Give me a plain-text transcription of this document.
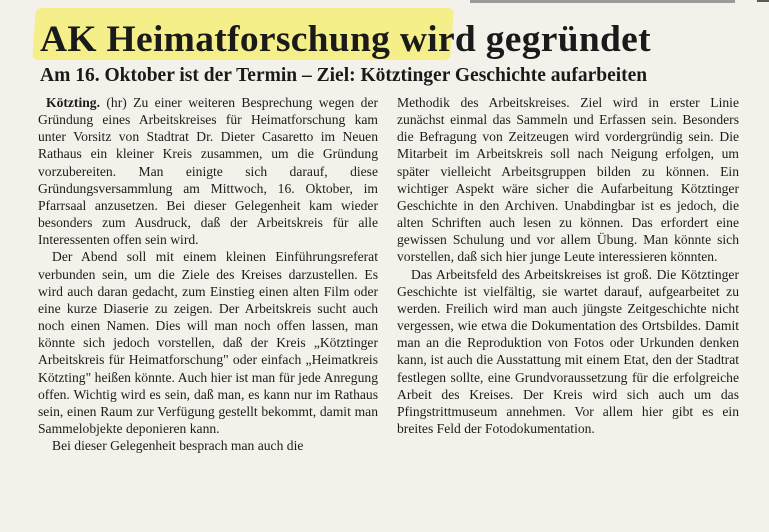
AK Heimatforschung wird gegründet
Am 16. Oktober ist der Termin – Ziel: Kötztinger Geschichte aufarbeiten

Kötzting. (hr) Zu einer weiteren Besprechung wegen der Gründung eines Arbeitskreises für Heimatforschung kam unter Vorsitz von Stadtrat Dr. Dieter Casaretto im Neuen Rathaus ein kleiner Kreis zusammen, um die Gründung vorzubereiten. Man einigte sich darauf, diese Gründungsversammlung am Mittwoch, 16. Oktober, im Pfarrsaal anzusetzen. Bei dieser Gelegenheit kam wieder besonders zum Ausdruck, daß der Arbeitskreis für alle Interessenten offen sein wird.

Der Abend soll mit einem kleinen Einführungsreferat verbunden sein, um die Ziele des Kreises darzustellen. Es wird auch daran gedacht, zum Einstieg einen alten Film oder eine kurze Diaserie zu zeigen. Der Arbeitskreis sucht auch noch einen Namen. Dies will man noch offen lassen, man könnte sich jedoch vorstellen, daß der Kreis „Kötztinger Arbeitskreis für Heimatforschung" oder einfach „Heimatkreis Kötzting" heißen könnte. Auch hier ist man für jede Anregung offen. Wichtig wird es sein, daß man, es kann nur im Rathaus sein, einen Raum zur Verfügung gestellt bekommt, damit man Sammelobjekte deponieren kann.

Bei dieser Gelegenheit besprach man auch die

Methodik des Arbeitskreises. Ziel wird in erster Linie zunächst einmal das Sammeln und Erfassen sein. Besonders die Befragung von Zeitzeugen wird vordergründig sein. Die Mitarbeit im Arbeitskreis soll nach Neigung erfolgen, um später vielleicht Arbeitsgruppen bilden zu können. Ein wichtiger Aspekt wäre sicher die Aufarbeitung Kötztinger Geschichte in den Archiven. Unabdingbar ist es jedoch, die alten Schriften auch lesen zu können. Das erfordert eine gewissen Schulung und vor allem Übung. Man könnte sich vorstellen, daß sich hier junge Leute interessieren könnten.

Das Arbeitsfeld des Arbeitskreises ist groß. Die Kötztinger Geschichte ist vielfältig, sie wartet darauf, aufgearbeitet zu werden. Freilich wird man auch jüngste Zeitgeschichte nicht vergessen, wie etwa die Dokumentation des Ortsbildes. Damit man an die Reproduktion von Fotos oder Urkunden denken kann, ist auch die Ausstattung mit einem Etat, den der Stadtrat festlegen sollte, eine Grundvoraussetzung für die erfolgreiche Arbeit des Kreises. Der Kreis wird sich auch um das Pfingstrittmuseum annehmen. Vor allem hier gibt es ein breites Feld der Fotodokumentation.
